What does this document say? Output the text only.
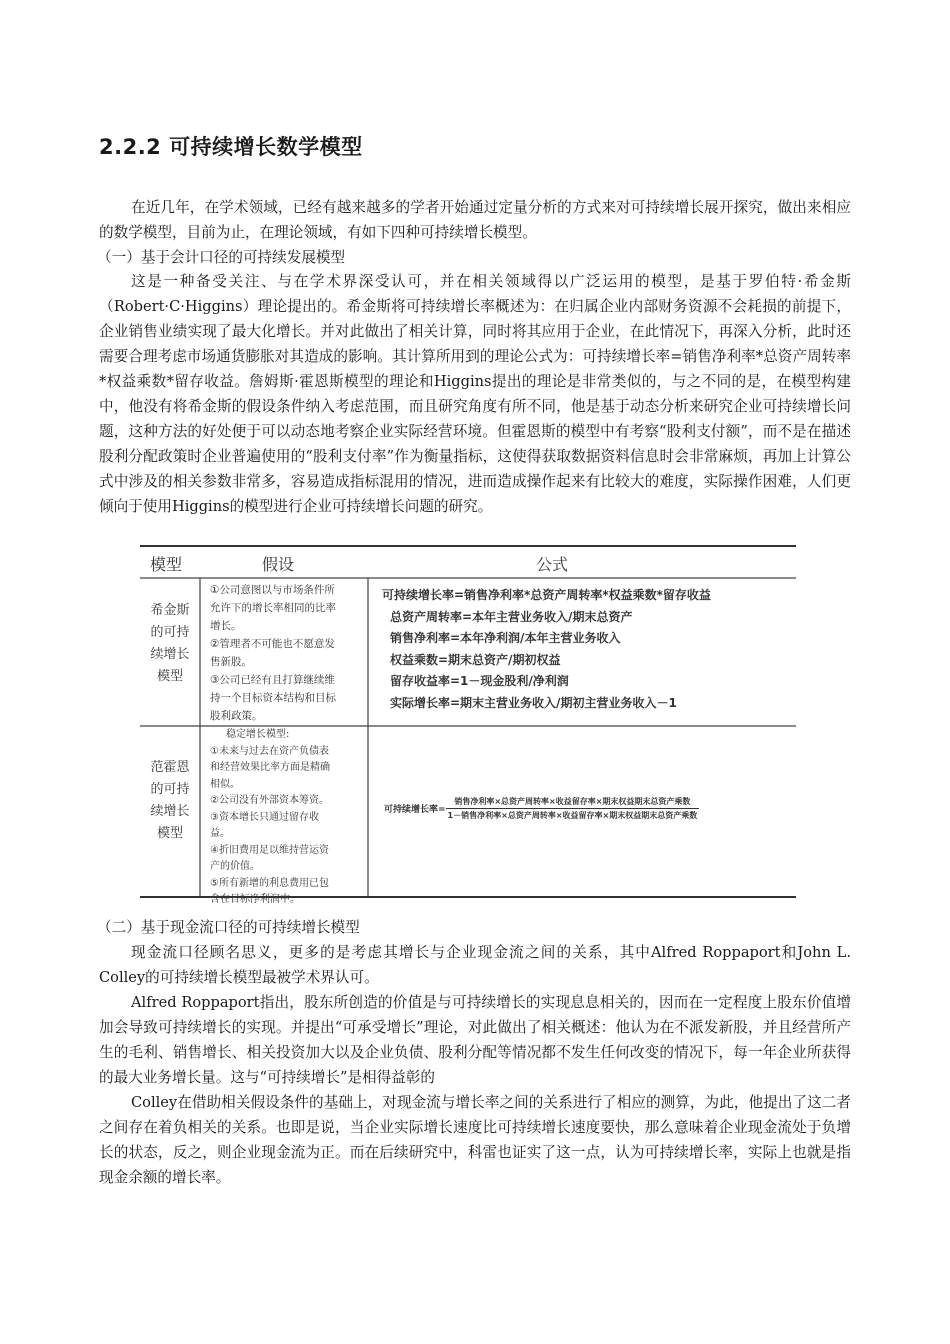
2.2.2 可持续增长数学模型

在近几年，在学术领域，已经有越来越多的学者开始通过定量分析的方式来对可持续增长展开探究，做出来相应的数学模型，目前为止，在理论领域，有如下四种可持续增长模型。

（一）基于会计口径的可持续发展模型

这是一种备受关注、与在学术界深受认可，并在相关领域得以广泛运用的模型，是基于罗伯特·希金斯（Robert·C·Higgins）理论提出的。希金斯将可持续增长率概述为：在归属企业内部财务资源不会耗损的前提下，企业销售业绩实现了最大化增长。并对此做出了相关计算，同时将其应用于企业，在此情况下，再深入分析，此时还需要合理考虑市场通货膨胀对其造成的影响。其计算所用到的理论公式为：可持续增长率=销售净利率*总资产周转率*权益乘数*留存收益。詹姆斯·霍恩斯模型的理论和Higgins提出的理论是非常类似的，与之不同的是，在模型构建中，他没有将希金斯的假设条件纳入考虑范围，而且研究角度有所不同，他是基于动态分析来研究企业可持续增长问题，这种方法的好处便于可以动态地考察企业实际经营环境。但霍恩斯的模型中有考察“股利支付额”，而不是在描述股利分配政策时企业普遍使用的“股利支付率”作为衡量指标，这使得获取数据资料信息时会非常麻烦，再加上计算公式中涉及的相关参数非常多，容易造成指标混用的情况，进而造成操作起来有比较大的难度，实际操作困难，人们更倾向于使用Higgins的模型进行企业可持续增长问题的研究。

模型	假设	公式
希金斯
的可持
续增长
模型
①公司意图以与市场条件所
允许下的增长率相同的比率
增长。
②管理者不可能也不愿意发
售新股。
③公司已经有且打算继续维
持一个目标资本结构和目标
股利政策。
可持续增长率=销售净利率*总资产周转率*权益乘数*留存收益
总资产周转率=本年主营业务收入/期末总资产
销售净利率=本年净利润/本年主营业务收入
权益乘数=期末总资产/期初权益
留存收益率=1－现金股利/净利润
实际增长率=期末主营业务收入/期初主营业务收入－1
范霍恩
的可持
续增长
模型
稳定增长模型:
①未来与过去在资产负债表
和经营效果比率方面是精确
相似。
②公司没有外部资本筹资。
③资本增长只通过留存收
益。
④折旧费用足以维持营运资
产的价值。
⑤所有新增的利息费用已包
含在目标净利润中。
可持续增长率=
销售净利率×总资产周转率×收益留存率×期末权益期末总资产乘数
1－销售净利率×总资产周转率×收益留存率×期末权益期末总资产乘数

（二）基于现金流口径的可持续增长模型

现金流口径顾名思义，更多的是考虑其增长与企业现金流之间的关系，其中Alfred Roppaport和John L. Colley的可持续增长模型最被学术界认可。

Alfred Roppaport指出，股东所创造的价值是与可持续增长的实现息息相关的，因而在一定程度上股东价值增加会导致可持续增长的实现。并提出“可承受增长”理论，对此做出了相关概述：他认为在不派发新股，并且经营所产生的毛利、销售增长、相关投资加大以及企业负债、股利分配等情况都不发生任何改变的情况下，每一年企业所获得的最大业务增长量。这与“可持续增长”是相得益彰的

Colley在借助相关假设条件的基础上，对现金流与增长率之间的关系进行了相应的测算，为此，他提出了这二者之间存在着负相关的关系。也即是说，当企业实际增长速度比可持续增长速度要快，那么意味着企业现金流处于负增长的状态，反之，则企业现金流为正。而在后续研究中，科雷也证实了这一点，认为可持续增长率，实际上也就是指现金余额的增长率。
